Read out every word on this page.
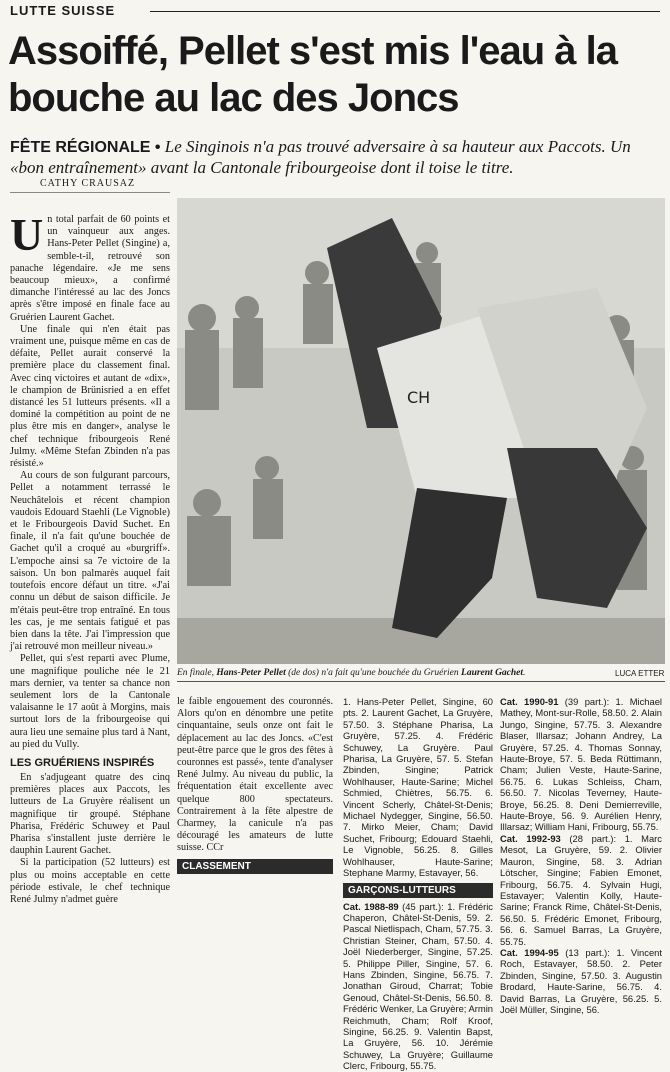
LUTTE SUISSE
Assoiffé, Pellet s'est mis l'eau à la bouche au lac des Joncs
FÊTE RÉGIONALE • Le Singinois n'a pas trouvé adversaire à sa hauteur aux Paccots. Un «bon entraînement» avant la Cantonale fribourgeoise dont il toise le titre.
CATHY CRAUSAZ

Un total parfait de 60 points et un vainqueur aux anges. Hans-Peter Pellet (Singine) a, semble-t-il, retrouvé son panache légendaire. «Je me sens beaucoup mieux», a confirmé dimanche l'intéressé au lac des Joncs après s'être imposé en finale face au Gruérien Laurent Gachet.

Une finale qui n'en était pas vraiment une, puisque même en cas de défaite, Pellet aurait conservé la première place du classement final. Avec cinq victoires et autant de «dix», le champion de Brünisried a en effet distancé les 51 lutteurs présents. «Il a dominé la compétition au point de ne plus être mis en danger», analyse le chef technique fribourgeois René Julmy. «Même Stefan Zbinden n'a pas résisté.»

Au cours de son fulgurant parcours, Pellet a notamment terrassé le Neuchâtelois et récent champion vaudois Edouard Staehli (Le Vignoble) et le Fribourgeois David Suchet. En finale, il n'a fait qu'une bouchée de Gachet qu'il a croqué au «burgriff». L'empoche ainsi sa 7e victoire de la saison. Un bon palmarès auquel fait toutefois encore défaut un titre. «J'ai connu un début de saison difficile. Je m'étais peut-être trop entraîné. En tous les cas, je me sentais fatigué et pas bien dans la tête. J'ai l'impression que j'ai retrouvé mon meilleur niveau.»

Pellet, qui s'est reparti avec Plume, une magnifique pouliche née le 21 mars dernier, va tenter sa chance non seulement lors de la Cantonale valaisanne le 17 août à Morgins, mais surtout lors de la fribourgeoise qui aura lieu une semaine plus tard à Nant, au pied du Vully.

LES GRUÉRIENS INSPIRÉS

En s'adjugeant quatre des cinq premières places aux Paccots, les lutteurs de La Gruyère réalisent un magnifique tir groupé. Stéphane Pharisa, Frédéric Schuwey et Paul Pharisa s'installent juste derrière le dauphin Laurent Gachet.

Si la participation (52 lutteurs) est plus ou moins acceptable en cette période estivale, le chef technique René Julmy n'admet guère

CH
En finale, Hans-Peter Pellet (de dos) n'a fait qu'une bouchée du Gruérien Laurent Gachet.	LUCA ETTER

le faible engouement des couronnés. Alors qu'on en dénombre une petite cinquantaine, seuls onze ont fait le déplacement au lac des Joncs. «C'est peut-être parce que le gros des fêtes à couronnes est passé», tente d'analyser René Julmy. Au niveau du public, la fréquentation était excellente avec quelque 800 spectateurs. Contrairement à la fête alpestre de Charmey, la canicule n'a pas découragé les amateurs de lutte suisse. CCr

CLASSEMENT

1. Hans-Peter Pellet, Singine, 60 pts. 2. Laurent Gachet, La Gruyère, 57.50. 3. Stéphane Pharisa, La Gruyère, 57.25. 4. Frédéric Schuwey, La Gruyère. Paul Pharisa, La Gruyère, 57. 5. Stefan Zbinden, Singine; Patrick Wohlhauser, Haute-Sarine; Michel Schmied, Chiètres, 56.75. 6. Vincent Scherly, Châtel-St-Denis; Michael Nydegger, Singine, 56.50. 7. Mirko Meier, Cham; David Suchet, Fribourg; Edouard Staehli, Le Vignoble, 56.25. 8. Gilles Wohlhauser, Haute-Sarine; Stephane Marmy, Estavayer, 56.

GARÇONS-LUTTEURS

Cat. 1988-89 (45 part.): 1. Frédéric Chaperon, Châtel-St-Denis, 59. 2. Pascal Nietlispach, Cham, 57.75. 3. Christian Steiner, Cham, 57.50. 4. Joël Niederberger, Singine, 57.25. 5. Philippe Piller, Singine, 57. 6. Hans Zbinden, Singine, 56.75. 7. Jonathan Giroud, Charrat; Tobie Genoud, Châtel-St-Denis, 56.50. 8. Frédéric Wenker, La Gruyère; Armin Reichmuth, Cham; Rolf Kroof, Singine, 56.25. 9. Valentin Bapst, La Gruyère, 56. 10. Jérémie Schuwey, La Gruyère; Guillaume Clerc, Fribourg, 55.75.

Cat. 1990-91 (39 part.): 1. Michael Mathey, Mont-sur-Rolle, 58.50. 2. Alain Jungo, Singine, 57.75. 3. Alexandre Blaser, Illarsaz; Johann Andrey, La Gruyère, 57.25. 4. Thomas Sonnay, Haute-Broye, 57. 5. Beda Rüttimann, Cham; Julien Veste, Haute-Sarine, 56.75. 6. Lukas Schleiss, Cham, 56.50. 7. Nicolas Teverney, Haute-Broye, 56.25. 8. Deni Demierreville, Haute-Broye, 56. 9. Aurélien Henry, Illarsaz; William Hani, Fribourg, 55.75.

Cat. 1992-93 (28 part.): 1. Marc Mesot, La Gruyère, 59. 2. Olivier Mauron, Singine, 58. 3. Adrian Lötscher, Singine; Fabien Emonet, Fribourg, 56.75. 4. Sylvain Hugi, Estavayer; Valentin Kolly, Haute-Sarine; Franck Rime, Châtel-St-Denis, 56.50. 5. Frédéric Emonet, Fribourg, 56. 6. Samuel Barras, La Gruyère, 55.75.

Cat. 1994-95 (13 part.): 1. Vincent Roch, Estavayer, 58.50. 2. Peter Zbinden, Singine, 57.50. 3. Augustin Brodard, Haute-Sarine, 56.75. 4. David Barras, La Gruyère, 56.25. 5. Joël Müller, Singine, 56.
